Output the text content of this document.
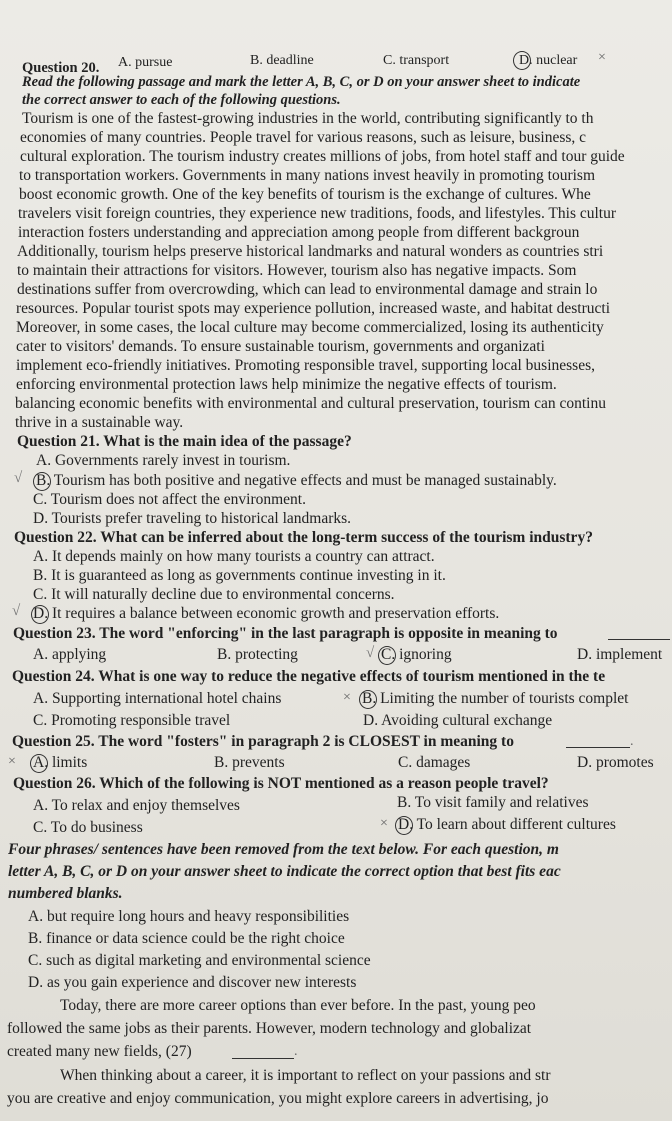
Question 20. A. pursue	B. deadline	C. transport	D. nuclear ×
Read the following passage and mark the letter A, B, C, or D on your answer sheet to indicate
the correct answer to each of the following questions.
Tourism is one of the fastest-growing industries in the world, contributing significantly to th
economies of many countries. People travel for various reasons, such as leisure, business, c
cultural exploration. The tourism industry creates millions of jobs, from hotel staff and tour guide
to transportation workers. Governments in many nations invest heavily in promoting tourism
boost economic growth. One of the key benefits of tourism is the exchange of cultures. Whe
travelers visit foreign countries, they experience new traditions, foods, and lifestyles. This cultur
interaction fosters understanding and appreciation among people from different backgroun
Additionally, tourism helps preserve historical landmarks and natural wonders as countries stri
to maintain their attractions for visitors. However, tourism also has negative impacts. Som
destinations suffer from overcrowding, which can lead to environmental damage and strain lo
resources. Popular tourist spots may experience pollution, increased waste, and habitat destructi
Moreover, in some cases, the local culture may become commercialized, losing its authenticity
cater to visitors' demands. To ensure sustainable tourism, governments and organizati
implement eco-friendly initiatives. Promoting responsible travel, supporting local businesses,
enforcing environmental protection laws help minimize the negative effects of tourism.
balancing economic benefits with environmental and cultural preservation, tourism can continu
thrive in a sustainable way.
Question 21. What is the main idea of the passage?
A. Governments rarely invest in tourism.
√ B. Tourism has both positive and negative effects and must be managed sustainably.
C. Tourism does not affect the environment.
D. Tourists prefer traveling to historical landmarks.
Question 22. What can be inferred about the long-term success of the tourism industry?
A. It depends mainly on how many tourists a country can attract.
B. It is guaranteed as long as governments continue investing in it.
C. It will naturally decline due to environmental concerns.
√ D. It requires a balance between economic growth and preservation efforts.
Question 23. The word "enforcing" in the last paragraph is opposite in meaning to
A. applying	B. protecting	√ C. ignoring	D. implement
Question 24. What is one way to reduce the negative effects of tourism mentioned in the te
A. Supporting international hotel chains	× B. Limiting the number of tourists complet
C. Promoting responsible travel	D. Avoiding cultural exchange
Question 25. The word "fosters" in paragraph 2 is CLOSEST in meaning to	.
× A. limits	B. prevents	C. damages	D. promotes
Question 26. Which of the following is NOT mentioned as a reason people travel?
A. To relax and enjoy themselves	B. To visit family and relatives
C. To do business	× D. To learn about different cultures
Four phrases/ sentences have been removed from the text below. For each question, m
letter A, B, C, or D on your answer sheet to indicate the correct option that best fits eac
numbered blanks.
A. but require long hours and heavy responsibilities
B. finance or data science could be the right choice
C. such as digital marketing and environmental science
D. as you gain experience and discover new interests
Today, there are more career options than ever before. In the past, young peo
followed the same jobs as their parents. However, modern technology and globalizat
created many new fields, (27)	.
When thinking about a career, it is important to reflect on your passions and str
you are creative and enjoy communication, you might explore careers in advertising, jo
